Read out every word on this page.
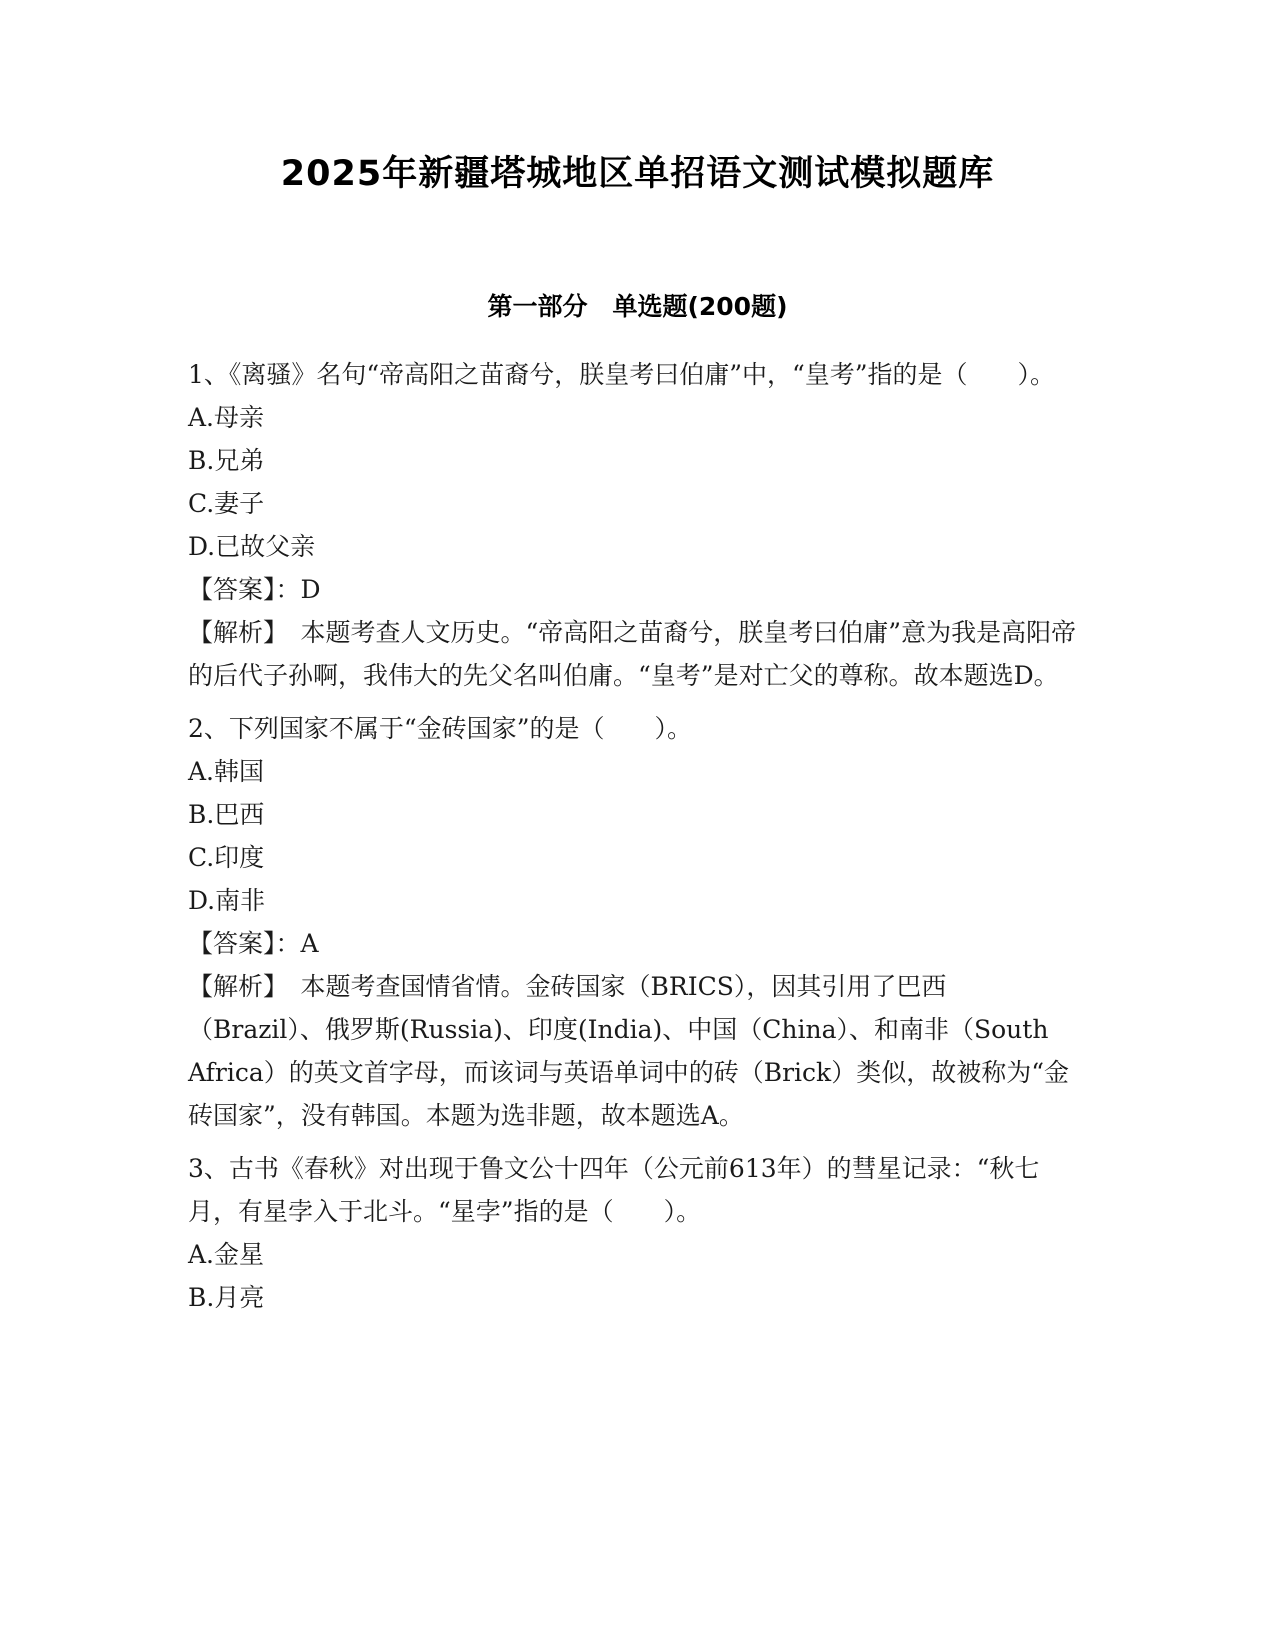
2025年新疆塔城地区单招语文测试模拟题库
第一部分　单选题(200题)
1、《离骚》名句“帝高阳之苗裔兮，朕皇考曰伯庸”中，“皇考”指的是（　　）。
A.母亲
B.兄弟
C.妻子
D.已故父亲
【答案】：D
【解析】　本题考查人文历史。“帝高阳之苗裔兮，朕皇考曰伯庸”意为我是高阳帝的后代子孙啊，我伟大的先父名叫伯庸。“皇考”是对亡父的尊称。故本题选D。
2、下列国家不属于“金砖国家”的是（　　）。
A.韩国
B.巴西
C.印度
D.南非
【答案】：A
【解析】　本题考查国情省情。金砖国家（BRICS），因其引用了巴西（Brazil）、俄罗斯(Russia)、印度(India)、中国（China）、和南非（South Africa）的英文首字母，而该词与英语单词中的砖（Brick）类似，故被称为“金砖国家”，没有韩国。本题为选非题，故本题选A。
3、古书《春秋》对出现于鲁文公十四年（公元前613年）的彗星记录：“秋七月，有星孛入于北斗。“星孛”指的是（　　）。
A.金星
B.月亮
